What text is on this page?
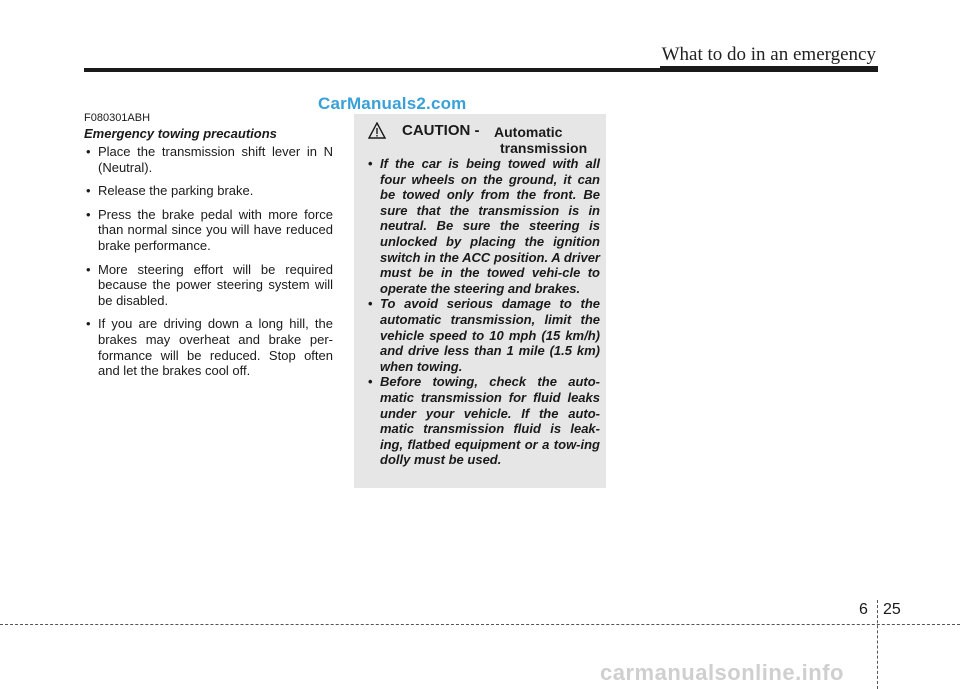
What to do in an emergency
CarManuals2.com
F080301ABH
Emergency towing precautions
• Place the transmission shift lever in N (Neutral).
• Release the parking brake.
• Press the brake pedal with more force than normal since you will have reduced brake performance.
• More steering effort will be required because the power steering system will be disabled.
• If you are driving down a long hill, the brakes may overheat and brake per-formance will be reduced. Stop often and let the brakes cool off.
CAUTION - Automatic
transmission
• If the car is being towed with all four wheels on the ground, it can be towed only from the front. Be sure that the transmission is in neutral. Be sure the steering is unlocked by placing the ignition switch in the ACC position. A driver must be in the towed vehi-cle to operate the steering and brakes.
• To avoid serious damage to the automatic transmission, limit the vehicle speed to 10 mph (15 km/h) and drive less than 1 mile (1.5 km) when towing.
• Before towing, check the auto-matic transmission for fluid leaks under your vehicle. If the auto-matic transmission fluid is leak-ing, flatbed equipment or a tow-ing dolly must be used.
6 25
carmanualsonline.info
